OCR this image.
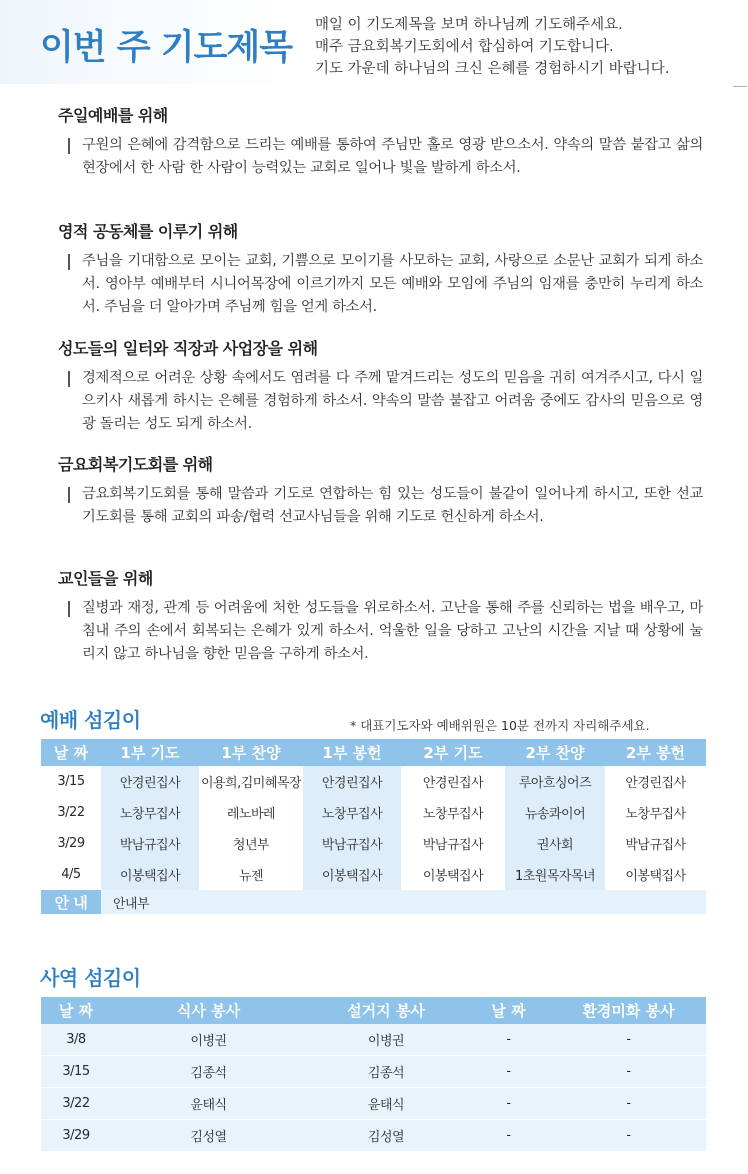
이번 주 기도제목
매일 이 기도제목을 보며 하나님께 기도해주세요.
매주 금요회복기도회에서 합심하여 기도합니다.
기도 가운데 하나님의 크신 은혜를 경험하시기 바랍니다.
주일예배를 위해
구원의 은혜에 감격함으로 드리는 예배를 통하여 주님만 홀로 영광 받으소서. 약속의 말씀 붙잡고 삶의 현장에서 한 사람 한 사람이 능력있는 교회로 일어나 빛을 발하게 하소서.
영적 공동체를 이루기 위해
주님을 기대함으로 모이는 교회, 기쁨으로 모이기를 사모하는 교회, 사랑으로 소문난 교회가 되게 하소서. 영아부 예배부터 시니어목장에 이르기까지 모든 예배와 모임에 주님의 임재를 충만히 누리게 하소서. 주님을 더 알아가며 주님께 힘을 얻게 하소서.
성도들의 일터와 직장과 사업장을 위해
경제적으로 어려운 상황 속에서도 염려를 다 주께 맡겨드리는 성도의 믿음을 귀히 여겨주시고, 다시 일으키사 새롭게 하시는 은혜를 경험하게 하소서. 약속의 말씀 붙잡고 어려움 중에도 감사의 믿음으로 영광 돌리는 성도 되게 하소서.
금요회복기도회를 위해
금요회복기도회를 통해 말씀과 기도로 연합하는 힘 있는 성도들이 불같이 일어나게 하시고, 또한 선교기도회를 통해 교회의 파송/협력 선교사님들을 위해 기도로 헌신하게 하소서.
교인들을 위해
질병과 재정, 관계 등 어려움에 처한 성도들을 위로하소서. 고난을 통해 주를 신뢰하는 법을 배우고, 마침내 주의 손에서 회복되는 은혜가 있게 하소서. 억울한 일을 당하고 고난의 시간을 지날 때 상황에 눌리지 않고 하나님을 향한 믿음을 구하게 하소서.
예배 섬김이	* 대표기도자와 예배위원은 10분 전까지 자리해주세요.
날 짜	1부 기도	1부 찬양	1부 봉헌	2부 기도	2부 찬양	2부 봉헌
3/15	안경린집사	이용희,김미혜목장	안경린집사	안경린집사	루아흐싱어즈	안경린집사
3/22	노창무집사	레노바레	노창무집사	노창무집사	뉴송콰이어	노창무집사
3/29	박남규집사	청년부	박남규집사	박남규집사	권사회	박남규집사
4/5	이봉택집사	뉴젠	이봉택집사	이봉택집사	1초원목자목녀	이봉택집사
안 내	안내부					
사역 섬김이
날 짜	식사 봉사	설거지 봉사	날 짜	환경미화 봉사
3/8	이병권	이병권	-	-
3/15	김종석	김종석	-	-
3/22	윤태식	윤태식	-	-
3/29	김성열	김성열	-	-
